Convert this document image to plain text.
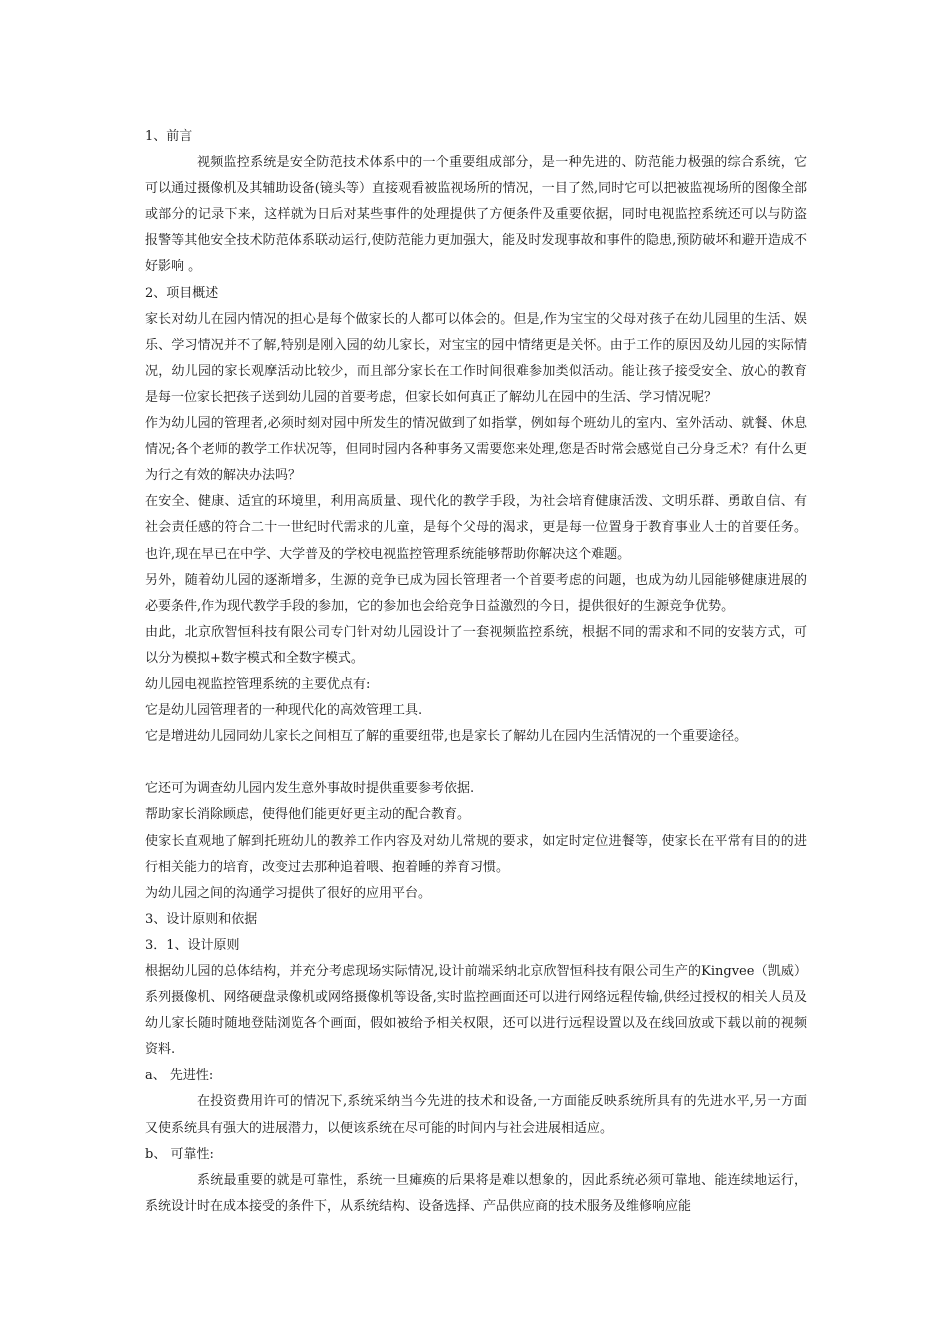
1、前言

视频监控系统是安全防范技术体系中的一个重要组成部分，是一种先进的、防范能力极强的综合系统，它可以通过摄像机及其辅助设备(镜头等）直接观看被监视场所的情况，一目了然,同时它可以把被监视场所的图像全部或部分的记录下来，这样就为日后对某些事件的处理提供了方便条件及重要依据，同时电视监控系统还可以与防盗报警等其他安全技术防范体系联动运行,使防范能力更加强大，能及时发现事故和事件的隐患,预防破坏和避开造成不好影响 。

2、项目概述

家长对幼儿在园内情况的担心是每个做家长的人都可以体会的。但是,作为宝宝的父母对孩子在幼儿园里的生活、娱乐、学习情况并不了解,特别是刚入园的幼儿家长，对宝宝的园中情绪更是关怀。由于工作的原因及幼儿园的实际情况，幼儿园的家长观摩活动比较少，而且部分家长在工作时间很难参加类似活动。能让孩子接受安全、放心的教育是每一位家长把孩子送到幼儿园的首要考虑，但家长如何真正了解幼儿在园中的生活、学习情况呢？

作为幼儿园的管理者,必须时刻对园中所发生的情况做到了如指掌，例如每个班幼儿的室内、室外活动、就餐、休息情况;各个老师的教学工作状况等，但同时园内各种事务又需要您来处理,您是否时常会感觉自己分身乏术？有什么更为行之有效的解决办法吗？

在安全、健康、适宜的环境里，利用高质量、现代化的教学手段，为社会培育健康活泼、文明乐群、勇敢自信、有社会责任感的符合二十一世纪时代需求的儿童，是每个父母的渴求，更是每一位置身于教育事业人士的首要任务。也许,现在早已在中学、大学普及的学校电视监控管理系统能够帮助你解决这个难题。

另外，随着幼儿园的逐渐增多，生源的竞争已成为园长管理者一个首要考虑的问题，也成为幼儿园能够健康进展的必要条件,作为现代教学手段的参加，它的参加也会给竞争日益激烈的今日，提供很好的生源竞争优势。

由此，北京欣智恒科技有限公司专门针对幼儿园设计了一套视频监控系统，根据不同的需求和不同的安装方式，可以分为模拟+数字模式和全数字模式。

幼儿园电视监控管理系统的主要优点有:

它是幼儿园管理者的一种现代化的高效管理工具.

它是增进幼儿园同幼儿家长之间相互了解的重要纽带,也是家长了解幼儿在园内生活情况的一个重要途径。

它还可为调查幼儿园内发生意外事故时提供重要参考依据.

帮助家长消除顾虑，使得他们能更好更主动的配合教育。

使家长直观地了解到托班幼儿的教养工作内容及对幼儿常规的要求，如定时定位进餐等，使家长在平常有目的的进行相关能力的培育，改变过去那种追着喂、抱着睡的养育习惯。

为幼儿园之间的沟通学习提供了很好的应用平台。

3、设计原则和依据

3．1、设计原则

根据幼儿园的总体结构，并充分考虑现场实际情况,设计前端采纳北京欣智恒科技有限公司生产的Kingvee（凯威）系列摄像机、网络硬盘录像机或网络摄像机等设备,实时监控画面还可以进行网络远程传输,供经过授权的相关人员及幼儿家长随时随地登陆浏览各个画面，假如被给予相关权限，还可以进行远程设置以及在线回放或下载以前的视频资料.

a、 先进性:

在投资费用许可的情况下,系统采纳当今先进的技术和设备,一方面能反映系统所具有的先进水平,另一方面又使系统具有强大的进展潜力，以便该系统在尽可能的时间内与社会进展相适应。

b、 可靠性:

系统最重要的就是可靠性，系统一旦瘫痪的后果将是难以想象的，因此系统必须可靠地、能连续地运行，系统设计时在成本接受的条件下，从系统结构、设备选择、产品供应商的技术服务及维修响应能
